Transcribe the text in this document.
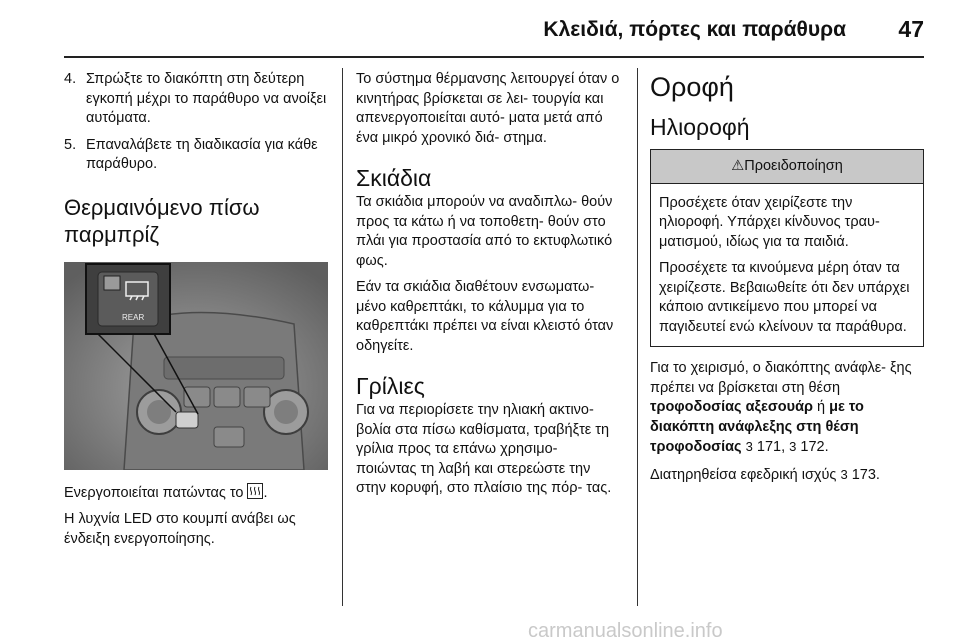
Κλειδιά, πόρτες και παράθυρα 47
4. Σπρώξτε το διακόπτη στη δεύτερη εγκοπή μέχρι το παράθυρο να ανοίξει αυτόματα.
5. Επαναλάβετε τη διαδικασία για κάθε παράθυρο.
Θερμαινόμενο πίσω παρμπρίζ
REAR

Ενεργοποιείται πατώντας το .

Η λυχνία LED στο κουμπί ανάβει ως ένδειξη ενεργοποίησης.

Το σύστημα θέρμανσης λειτουργεί όταν ο κινητήρας βρίσκεται σε λει- τουργία και απενεργοποιείται αυτό- ματα μετά από ένα μικρό χρονικό διά- στημα.

Σκιάδια

Τα σκιάδια μπορούν να αναδιπλω- θούν προς τα κάτω ή να τοποθετη- θούν στο πλάι για προστασία από το εκτυφλωτικό φως.

Εάν τα σκιάδια διαθέτουν ενσωματω- μένο καθρεπτάκι, το κάλυμμα για το καθρεπτάκι πρέπει να είναι κλειστό όταν οδηγείτε.

Γρίλιες

Για να περιορίσετε την ηλιακή ακτινο- βολία στα πίσω καθίσματα, τραβήξτε τη γρίλια προς τα επάνω χρησιμο- ποιώντας τη λαβή και στερεώστε την στην κορυφή, στο πλαίσιο της πόρ- τας.

Οροφή
Ηλιοροφή
⚠Προειδοποίηση

Προσέχετε όταν χειρίζεστε την ηλιοροφή. Υπάρχει κίνδυνος τραυ- ματισμού, ιδίως για τα παιδιά.

Προσέχετε τα κινούμενα μέρη όταν τα χειρίζεστε. Βεβαιωθείτε ότι δεν υπάρχει κάποιο αντικείμενο που μπορεί να παγιδευτεί ενώ κλείνουν τα παράθυρα.

Για το χειρισμό, ο διακόπτης ανάφλε- ξης πρέπει να βρίσκεται στη θέση τροφοδοσίας αξεσουάρ ή με το διακόπτη ανάφλεξης στη θέση τροφοδοσίας 3 171, 3 172.

Διατηρηθείσα εφεδρική ισχύς 3 173.

carmanualsonline.info
